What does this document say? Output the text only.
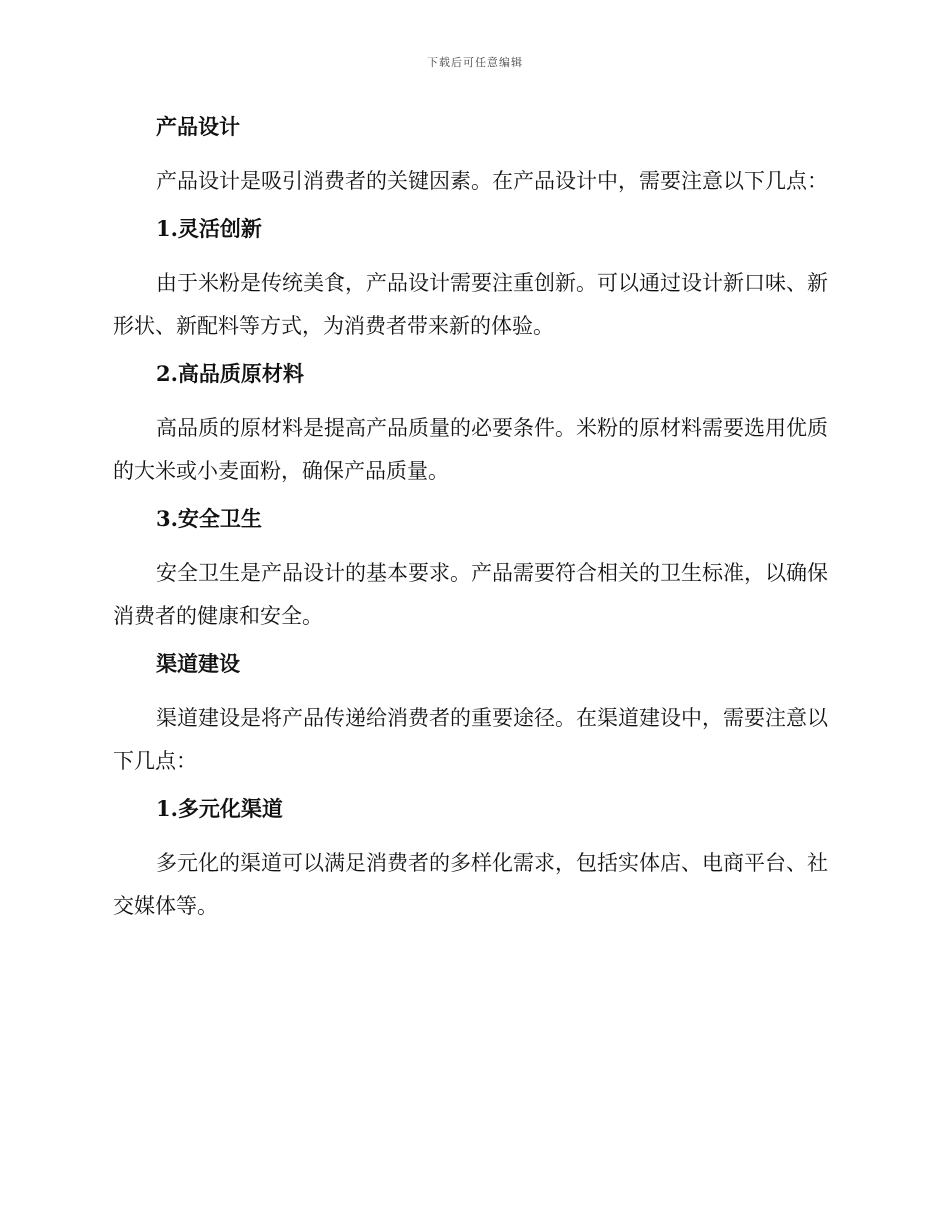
下载后可任意编辑
产品设计
产品设计是吸引消费者的关键因素。在产品设计中，需要注意以下几点：
1.灵活创新
由于米粉是传统美食，产品设计需要注重创新。可以通过设计新口味、新形状、新配料等方式，为消费者带来新的体验。
2.高品质原材料
高品质的原材料是提高产品质量的必要条件。米粉的原材料需要选用优质的大米或小麦面粉，确保产品质量。
3.安全卫生
安全卫生是产品设计的基本要求。产品需要符合相关的卫生标准，以确保消费者的健康和安全。
渠道建设
渠道建设是将产品传递给消费者的重要途径。在渠道建设中，需要注意以下几点：
1.多元化渠道
多元化的渠道可以满足消费者的多样化需求，包括实体店、电商平台、社交媒体等。
